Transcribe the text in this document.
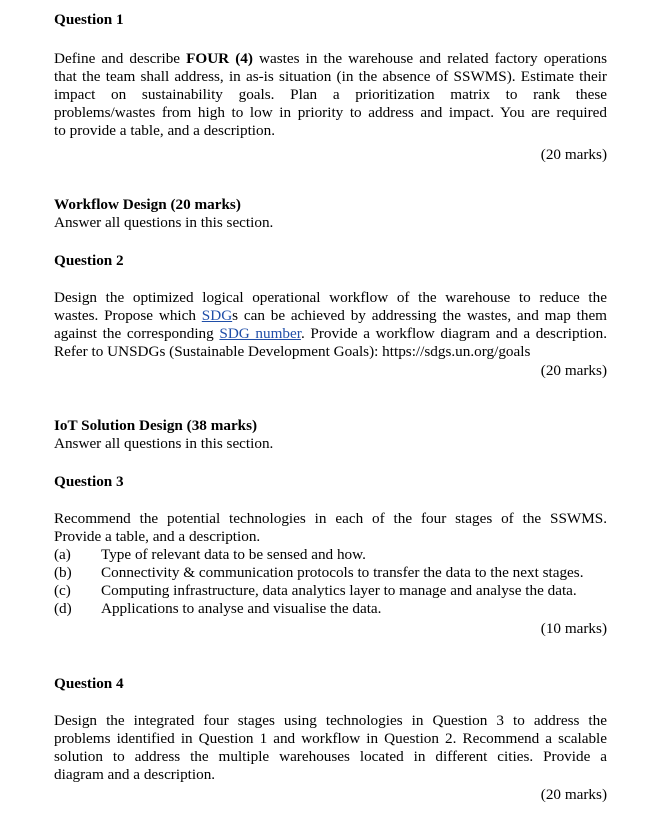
Question 1
Define and describe FOUR (4) wastes in the warehouse and related factory operations
that the team shall address, in as-is situation (in the absence of SSWMS). Estimate their
impact on sustainability goals. Plan a prioritization matrix to rank these
problems/wastes from high to low in priority to address and impact. You are required
to provide a table, and a description.
(20 marks)
Workflow Design (20 marks)
Answer all questions in this section.
Question 2
Design the optimized logical operational workflow of the warehouse to reduce the
wastes. Propose which SDGs can be achieved by addressing the wastes, and map them
against the corresponding SDG number. Provide a workflow diagram and a description.
Refer to UNSDGs (Sustainable Development Goals): https://sdgs.un.org/goals
(20 marks)
IoT Solution Design (38 marks)
Answer all questions in this section.
Question 3
Recommend the potential technologies in each of the four stages of the SSWMS.
Provide a table, and a description.
(a) Type of relevant data to be sensed and how.
(b) Connectivity & communication protocols to transfer the data to the next stages.
(c) Computing infrastructure, data analytics layer to manage and analyse the data.
(d) Applications to analyse and visualise the data.
(10 marks)
Question 4
Design the integrated four stages using technologies in Question 3 to address the
problems identified in Question 1 and workflow in Question 2. Recommend a scalable
solution to address the multiple warehouses located in different cities. Provide a
diagram and a description.
(20 marks)
